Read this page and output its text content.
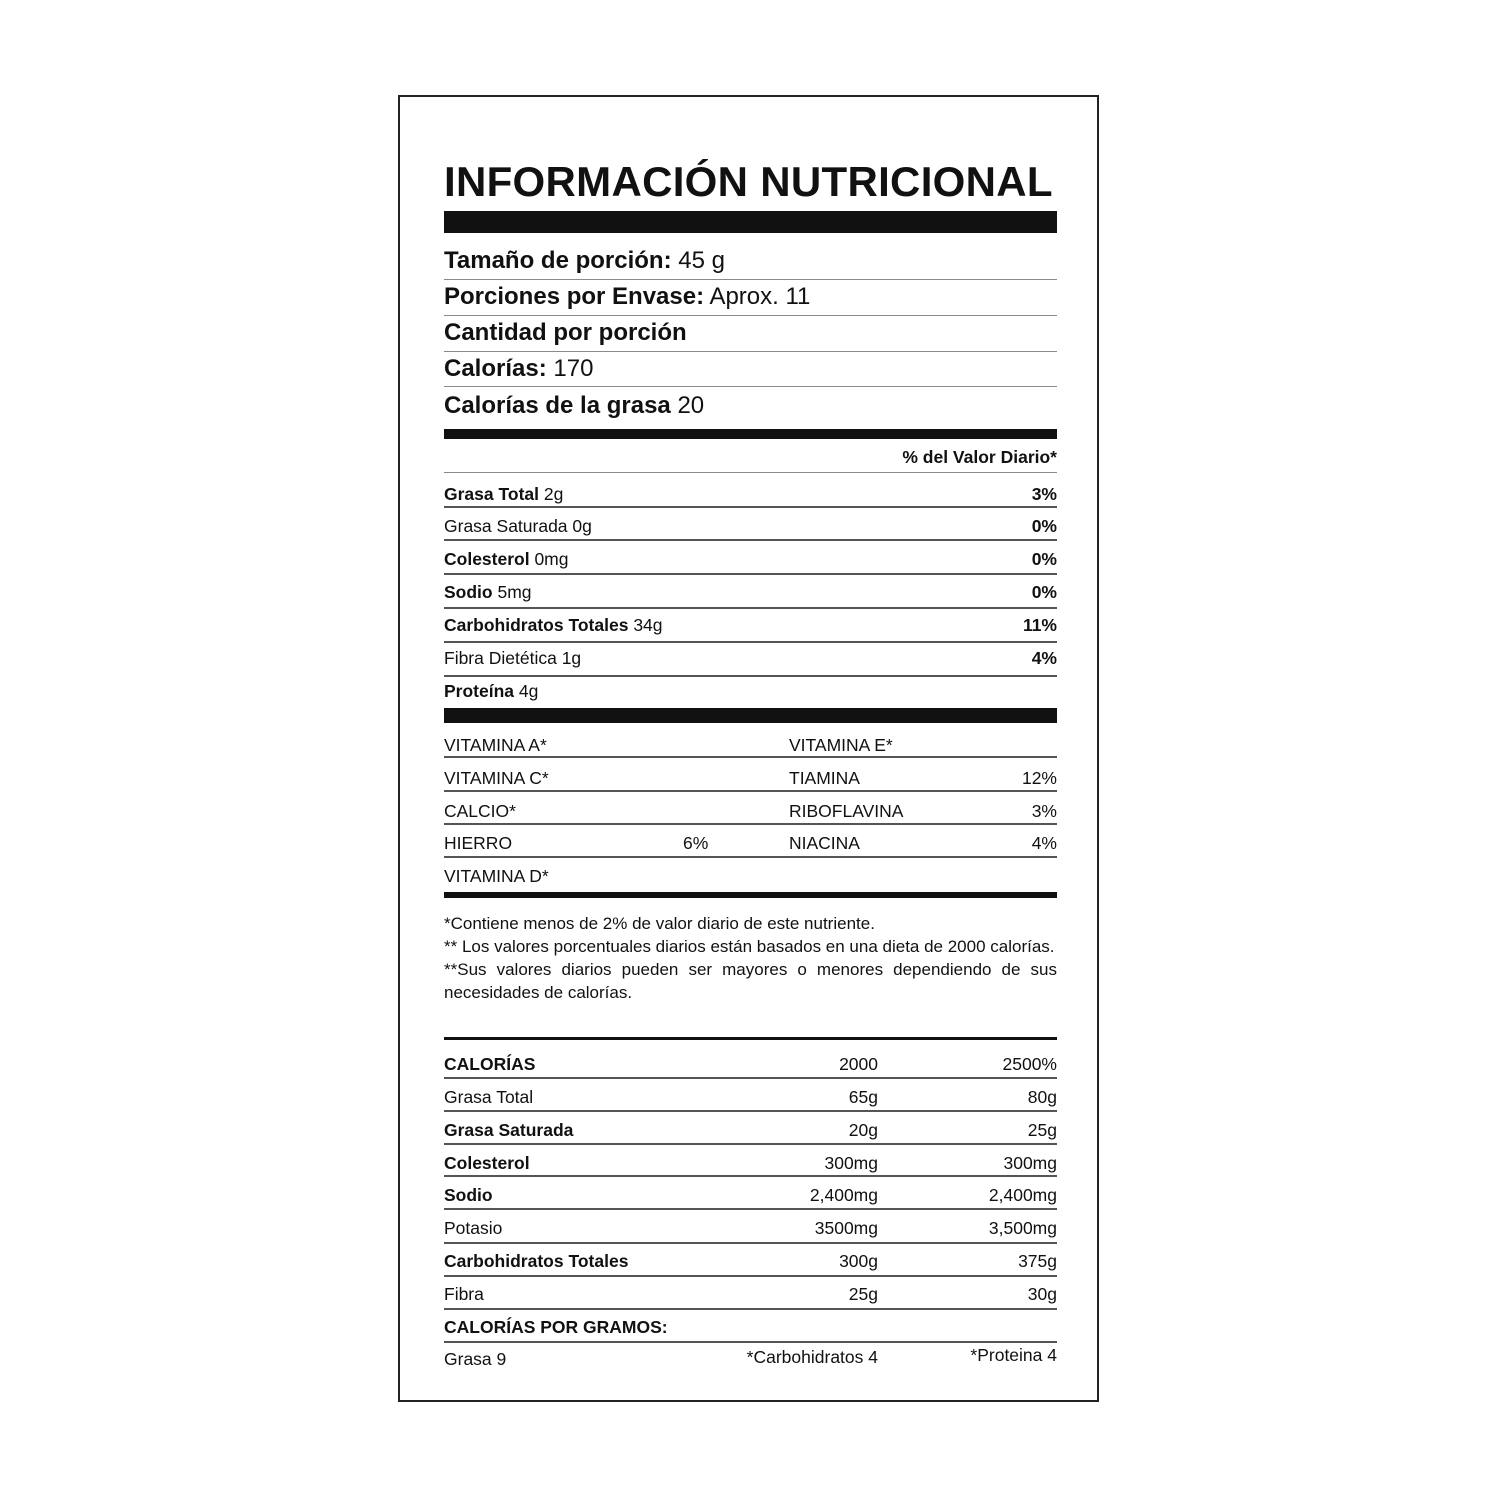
INFORMACIÓN NUTRICIONAL
Tamaño de porción: 45 g
Porciones por Envase: Aprox. 11
Cantidad por porción
Calorías: 170
Calorías de la grasa 20
% del Valor Diario*
Grasa Total 2g	3%
Grasa Saturada 0g	0%
Colesterol 0mg	0%
Sodio 5mg	0%
Carbohidratos Totales 34g	11%
Fibra Dietética 1g	4%
Proteína 4g
VITAMINA A*	VITAMINA E*
VITAMINA C*	TIAMINA	12%
CALCIO*	RIBOFLAVINA	3%
HIERRO	6%	NIACINA	4%
VITAMINA D*
*Contiene menos de 2% de valor diario de este nutriente.
** Los valores porcentuales diarios están basados en una dieta de 2000 calorías.
**Sus valores diarios pueden ser mayores o menores dependiendo de sus necesidades de calorías.
CALORÍAS	2000	2500%
Grasa Total	65g	80g
Grasa Saturada	20g	25g
Colesterol	300mg	300mg
Sodio	2,400mg	2,400mg
Potasio	3500mg	3,500mg
Carbohidratos Totales	300g	375g
Fibra	25g	30g
CALORÍAS POR GRAMOS:
Grasa 9	*Carbohidratos 4	*Proteina 4
